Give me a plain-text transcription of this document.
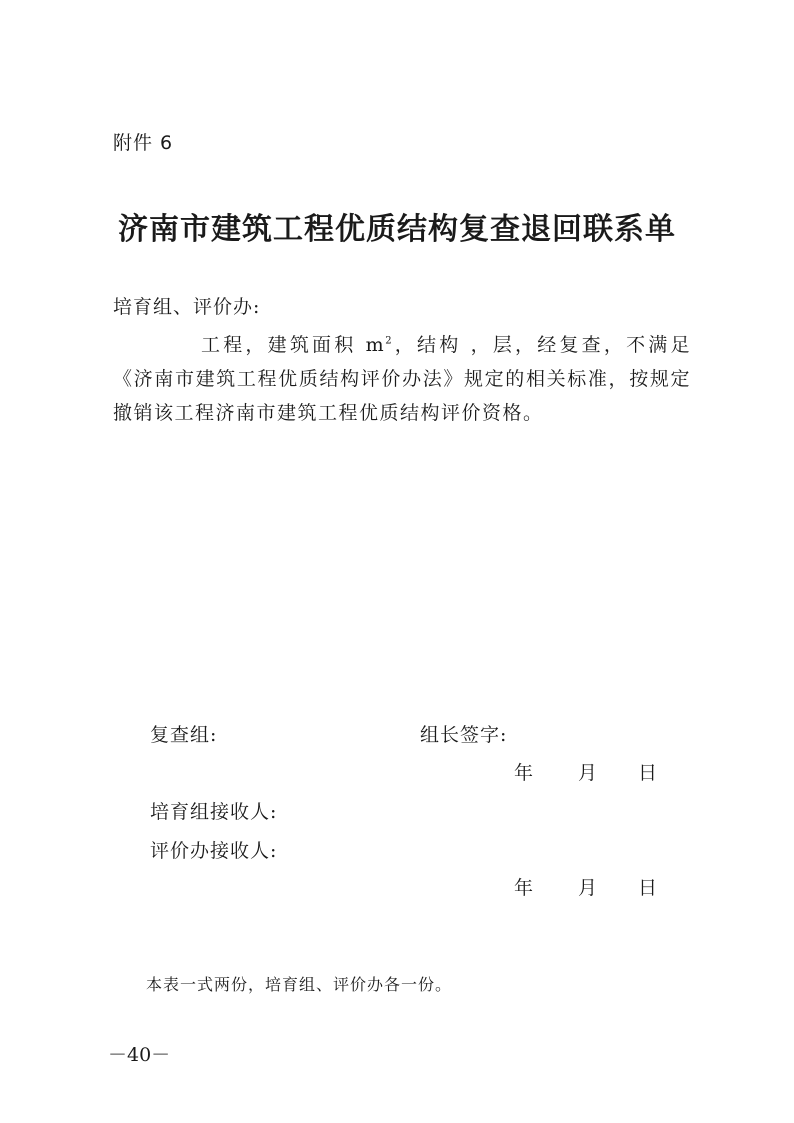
附件 6
济南市建筑工程优质结构复查退回联系单
培育组、评价办:
工程，建筑面积 $m^2$，结构 ，层，经复查，不满足《济南市建筑工程优质结构评价办法》规定的相关标准，按规定撤销该工程济南市建筑工程优质结构评价资格。
复查组:	组长签字:
年 月 日
培育组接收人:
评价办接收人:
年 月 日
本表一式两份，培育组、评价办各一份。
－40－
